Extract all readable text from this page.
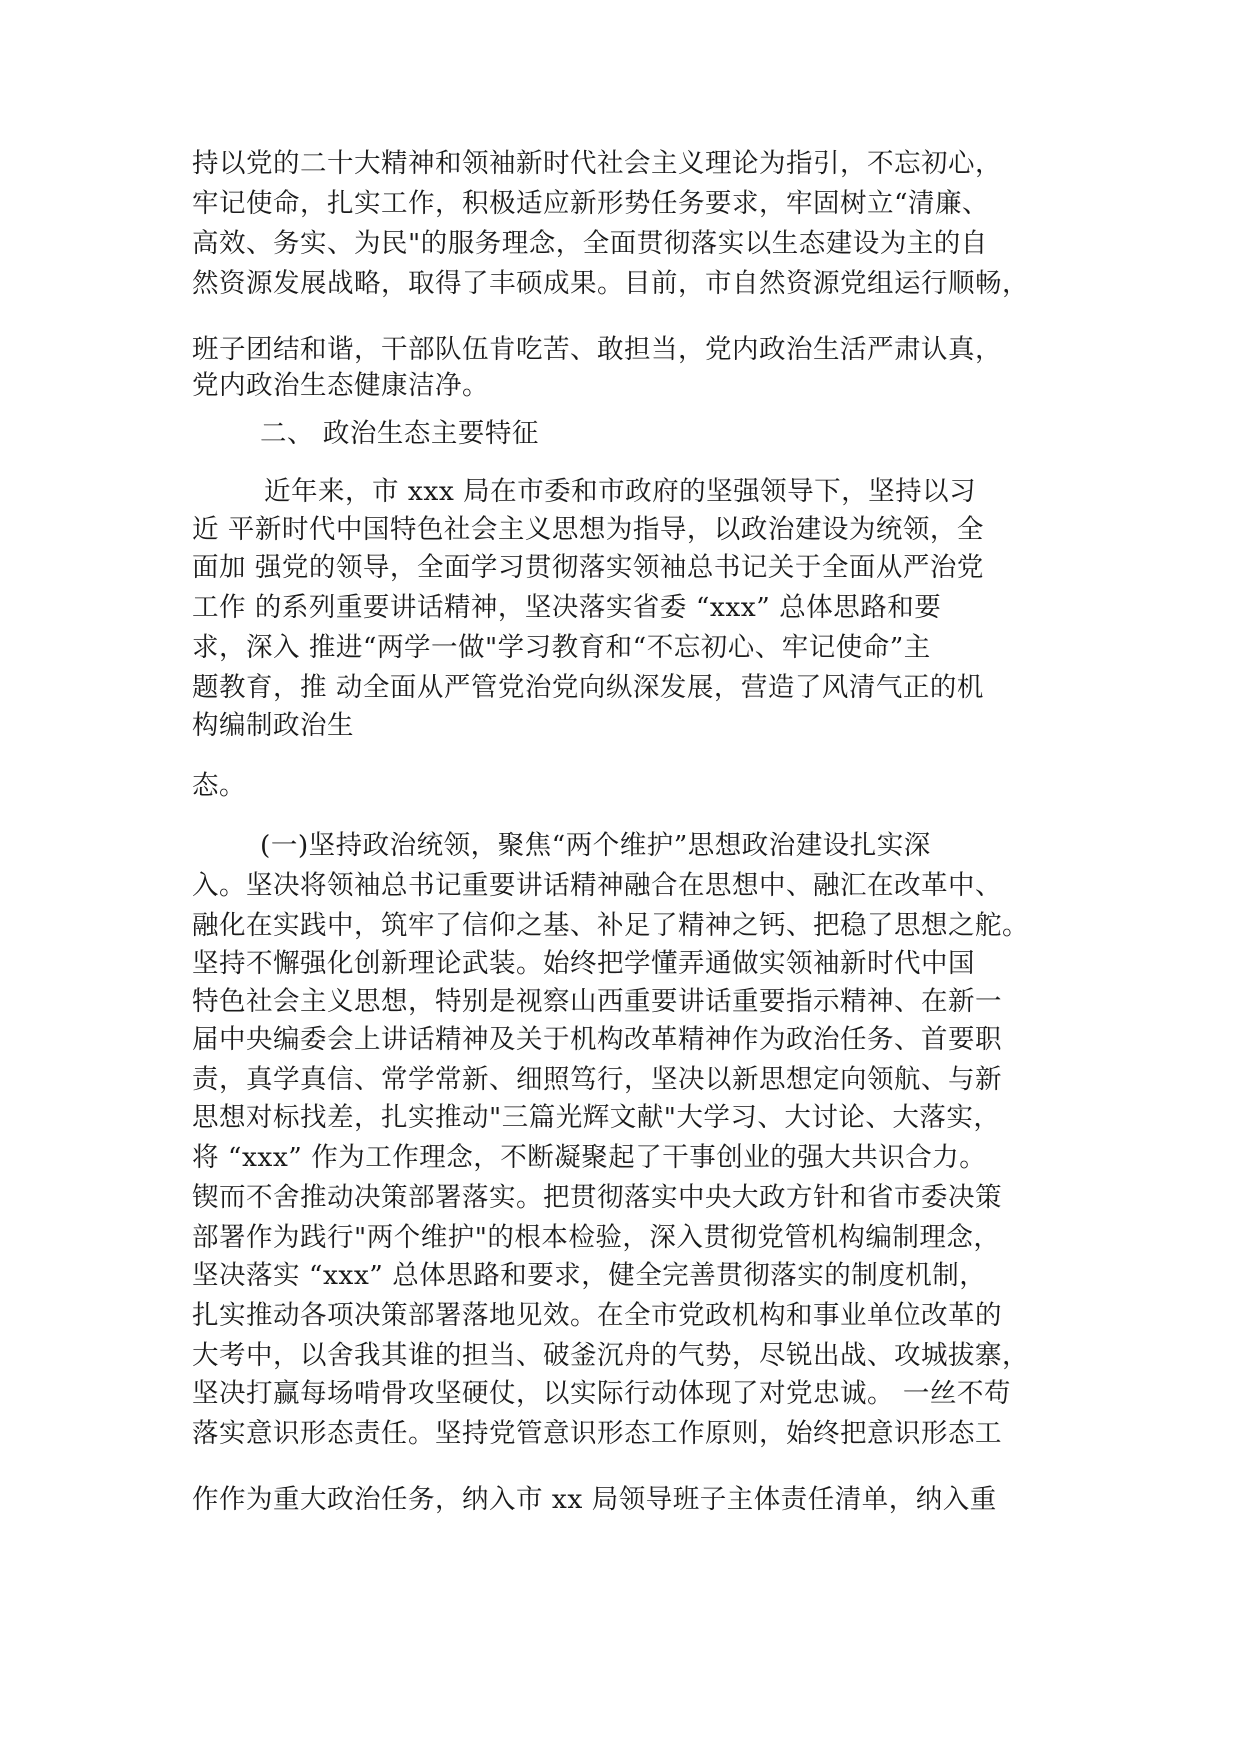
持以党的二十大精神和领袖新时代社会主义理论为指引，不忘初心，

牢记使命，扎实工作，积极适应新形势任务要求，牢固树立“清廉、

高效、务实、为民"的服务理念，全面贯彻落实以生态建设为主的自

然资源发展战略，取得了丰硕成果。目前，市自然资源党组运行顺畅，

班子团结和谐，干部队伍肯吃苦、敢担当，党内政治生活严肃认真，

党内政治生态健康洁净。

二、 政治生态主要特征

近年来，市 xxx 局在市委和市政府的坚强领导下，坚持以习

近 平新时代中国特色社会主义思想为指导，以政治建设为统领，全

面加 强党的领导，全面学习贯彻落实领袖总书记关于全面从严治党

工作 的系列重要讲话精神，坚决落实省委 “xxx” 总体思路和要

求，深入 推进“两学一做"学习教育和“不忘初心、牢记使命”主

题教育，推 动全面从严管党治党向纵深发展，营造了风清气正的机

构编制政治生

态。

(一)坚持政治统领，聚焦“两个维护”思想政治建设扎实深

入。坚决将领袖总书记重要讲话精神融合在思想中、融汇在改革中、

融化在实践中，筑牢了信仰之基、补足了精神之钙、把稳了思想之舵。

坚持不懈强化创新理论武装。始终把学懂弄通做实领袖新时代中国

特色社会主义思想，特别是视察山西重要讲话重要指示精神、在新一

届中央编委会上讲话精神及关于机构改革精神作为政治任务、首要职

责，真学真信、常学常新、细照笃行，坚决以新思想定向领航、与新

思想对标找差，扎实推动"三篇光辉文献"大学习、大讨论、大落实，

将 “xxx” 作为工作理念，不断凝聚起了干事创业的强大共识合力。

锲而不舍推动决策部署落实。把贯彻落实中央大政方针和省市委决策

部署作为践行"两个维护"的根本检验，深入贯彻党管机构编制理念，

坚决落实 “xxx” 总体思路和要求，健全完善贯彻落实的制度机制，

扎实推动各项决策部署落地见效。在全市党政机构和事业单位改革的

大考中，以舍我其谁的担当、破釜沉舟的气势，尽锐出战、攻城拔寨，

坚决打赢每场啃骨攻坚硬仗，以实际行动体现了对党忠诚。 一丝不苟

落实意识形态责任。坚持党管意识形态工作原则，始终把意识形态工

作作为重大政治任务，纳入市 xx 局领导班子主体责任清单，纳入重
